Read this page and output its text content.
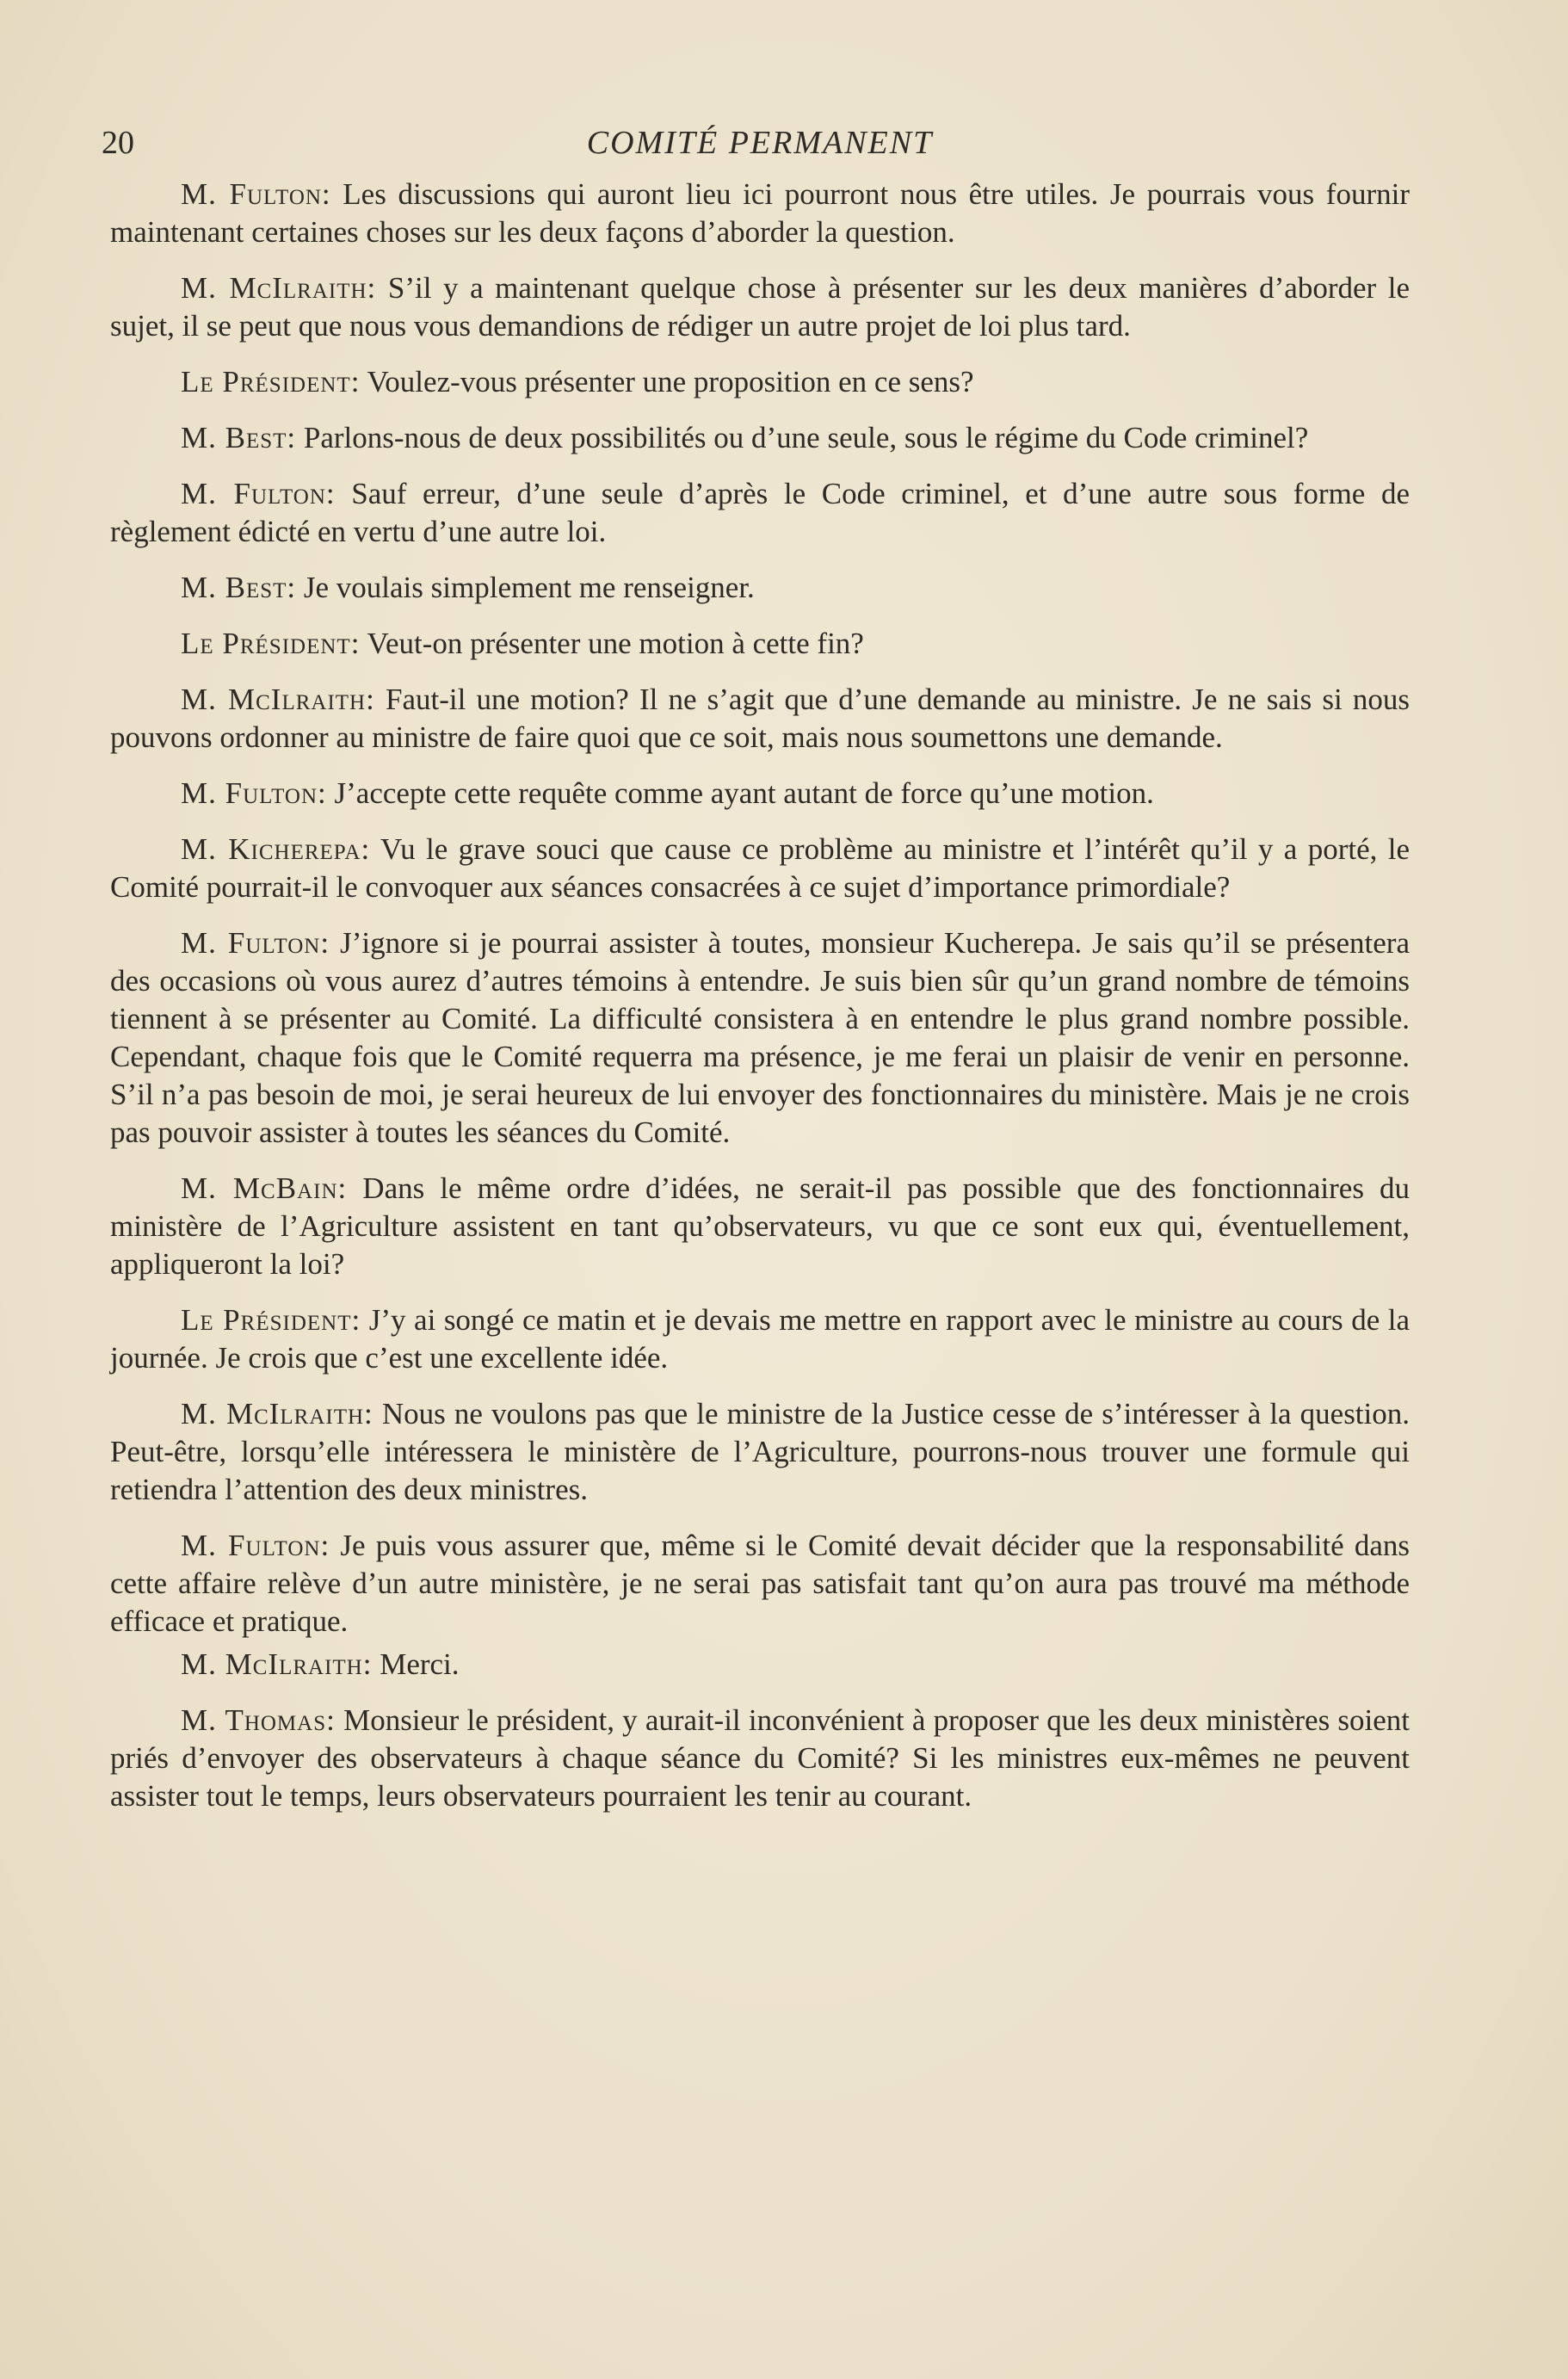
20	COMITÉ PERMANENT

M. Fulton: Les discussions qui auront lieu ici pourront nous être utiles. Je pourrais vous fournir maintenant certaines choses sur les deux façons d’aborder la question.

M. McIlraith: S’il y a maintenant quelque chose à présenter sur les deux manières d’aborder le sujet, il se peut que nous vous demandions de rédiger un autre projet de loi plus tard.

Le Président: Voulez-vous présenter une proposition en ce sens?

M. Best: Parlons-nous de deux possibilités ou d’une seule, sous le régime du Code criminel?

M. Fulton: Sauf erreur, d’une seule d’après le Code criminel, et d’une autre sous forme de règlement édicté en vertu d’une autre loi.

M. Best: Je voulais simplement me renseigner.

Le Président: Veut-on présenter une motion à cette fin?

M. McIlraith: Faut-il une motion? Il ne s’agit que d’une demande au ministre. Je ne sais si nous pouvons ordonner au ministre de faire quoi que ce soit, mais nous soumettons une demande.

M. Fulton: J’accepte cette requête comme ayant autant de force qu’une motion.

M. Kicherepa: Vu le grave souci que cause ce problème au ministre et l’intérêt qu’il y a porté, le Comité pourrait-il le convoquer aux séances consacrées à ce sujet d’importance primordiale?

M. Fulton: J’ignore si je pourrai assister à toutes, monsieur Kucherepa. Je sais qu’il se présentera des occasions où vous aurez d’autres témoins à entendre. Je suis bien sûr qu’un grand nombre de témoins tiennent à se présenter au Comité. La difficulté consistera à en entendre le plus grand nombre possible. Cependant, chaque fois que le Comité requerra ma présence, je me ferai un plaisir de venir en personne. S’il n’a pas besoin de moi, je serai heureux de lui envoyer des fonctionnaires du ministère. Mais je ne crois pas pouvoir assister à toutes les séances du Comité.

M. McBain: Dans le même ordre d’idées, ne serait-il pas possible que des fonctionnaires du ministère de l’Agriculture assistent en tant qu’observateurs, vu que ce sont eux qui, éventuellement, appliqueront la loi?

Le Président: J’y ai songé ce matin et je devais me mettre en rapport avec le ministre au cours de la journée. Je crois que c’est une excellente idée.

M. McIlraith: Nous ne voulons pas que le ministre de la Justice cesse de s’intéresser à la question. Peut-être, lorsqu’elle intéressera le ministère de l’Agriculture, pourrons-nous trouver une formule qui retiendra l’attention des deux ministres.

M. Fulton: Je puis vous assurer que, même si le Comité devait décider que la responsabilité dans cette affaire relève d’un autre ministère, je ne serai pas satisfait tant qu’on aura pas trouvé ma méthode efficace et pratique.

M. McIlraith: Merci.

M. Thomas: Monsieur le président, y aurait-il inconvénient à proposer que les deux ministères soient priés d’envoyer des observateurs à chaque séance du Comité? Si les ministres eux-mêmes ne peuvent assister tout le temps, leurs observateurs pourraient les tenir au courant.
